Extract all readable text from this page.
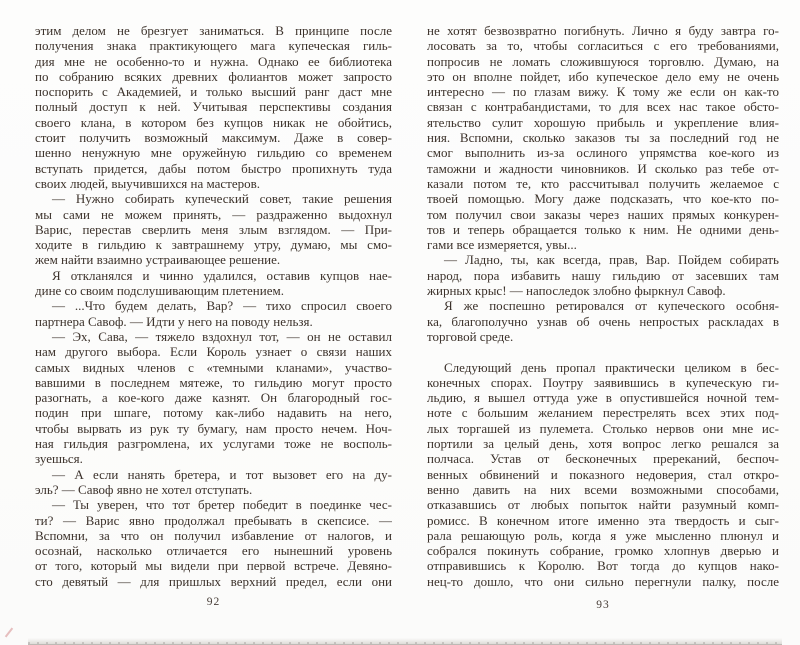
этим делом не брезгует заниматься. В принципе после
получения знака практикующего мага купеческая гиль-
дия мне не особенно-то и нужна. Однако ее библиотека
по собранию всяких древних фолиантов может запросто
поспорить с Академией, и только высший ранг даст мне
полный доступ к ней. Учитывая перспективы создания
своего клана, в котором без купцов никак не обойтись,
стоит получить возможный максимум. Даже в совер-
шенно ненужную мне оружейную гильдию со временем
вступать придется, дабы потом быстро пропихнуть туда
своих людей, выучившихся на мастеров.
— Нужно собирать купеческий совет, такие решения
мы сами не можем принять, — раздраженно выдохнул
Варис, перестав сверлить меня злым взглядом. — При-
ходите в гильдию к завтрашнему утру, думаю, мы смо-
жем найти взаимно устраивающее решение.
Я откланялся и чинно удалился, оставив купцов нае-
дине со своим подслушивающим плетением.
— ...Что будем делать, Вар? — тихо спросил своего
партнера Савоф. — Идти у него на поводу нельзя.
— Эх, Сава, — тяжело вздохнул тот, — он не оставил
нам другого выбора. Если Король узнает о связи наших
самых видных членов с «темными кланами», участво-
вавшими в последнем мятеже, то гильдию могут просто
разогнать, а кое-кого даже казнят. Он благородный гос-
подин при шпаге, потому как-либо надавить на него,
чтобы вырвать из рук ту бумагу, нам просто нечем. Ноч-
ная гильдия разгромлена, их услугами тоже не восполь-
зуешься.
— А если нанять бретера, и тот вызовет его на ду-
эль? — Савоф явно не хотел отступать.
— Ты уверен, что тот бретер победит в поединке чес-
ти? — Варис явно продолжал пребывать в скепсисе. —
Вспомни, за что он получил избавление от налогов, и
осознай, насколько отличается его нынешний уровень
от того, который мы видели при первой встрече. Девяно-
сто девятый — для пришлых верхний предел, если они
92
не хотят безвозвратно погибнуть. Лично я буду завтра го-
лосовать за то, чтобы согласиться с его требованиями,
попросив не ломать сложившуюся торговлю. Думаю, на
это он вполне пойдет, ибо купеческое дело ему не очень
интересно — по глазам вижу. К тому же если он как-то
связан с контрабандистами, то для всех нас такое обсто-
ятельство сулит хорошую прибыль и укрепление влия-
ния. Вспомни, сколько заказов ты за последний год не
смог выполнить из-за ослиного упрямства кое-кого из
таможни и жадности чиновников. И сколько раз тебе от-
казали потом те, кто рассчитывал получить желаемое с
твоей помощью. Могу даже подсказать, что кое-кто по-
том получил свои заказы через наших прямых конкурен-
тов и теперь обращается только к ним. Не одними день-
гами все измеряется, увы...
— Ладно, ты, как всегда, прав, Вар. Пойдем собирать
народ, пора избавить нашу гильдию от засевших там
жирных крыс! — напоследок злобно фыркнул Савоф.
Я же поспешно ретировался от купеческого особня-
ка, благополучно узнав об очень непростых раскладах в
торговой среде.
Следующий день пропал практически целиком в бес-
конечных спорах. Поутру заявившись в купеческую ги-
льдию, я вышел оттуда уже в опустившейся ночной тем-
ноте с большим желанием перестрелять всех этих под-
лых торгашей из пулемета. Столько нервов они мне ис-
портили за целый день, хотя вопрос легко решался за
полчаса. Устав от бесконечных пререканий, беспоч-
венных обвинений и показного недоверия, стал откро-
венно давить на них всеми возможными способами,
отказавшись от любых попыток найти разумный комп-
ромисс. В конечном итоге именно эта твердость и сыг-
рала решающую роль, когда я уже мысленно плюнул и
собрался покинуть собрание, громко хлопнув дверью и
отправившись к Королю. Вот тогда до купцов нако-
нец-то дошло, что они сильно перегнули палку, после
93
